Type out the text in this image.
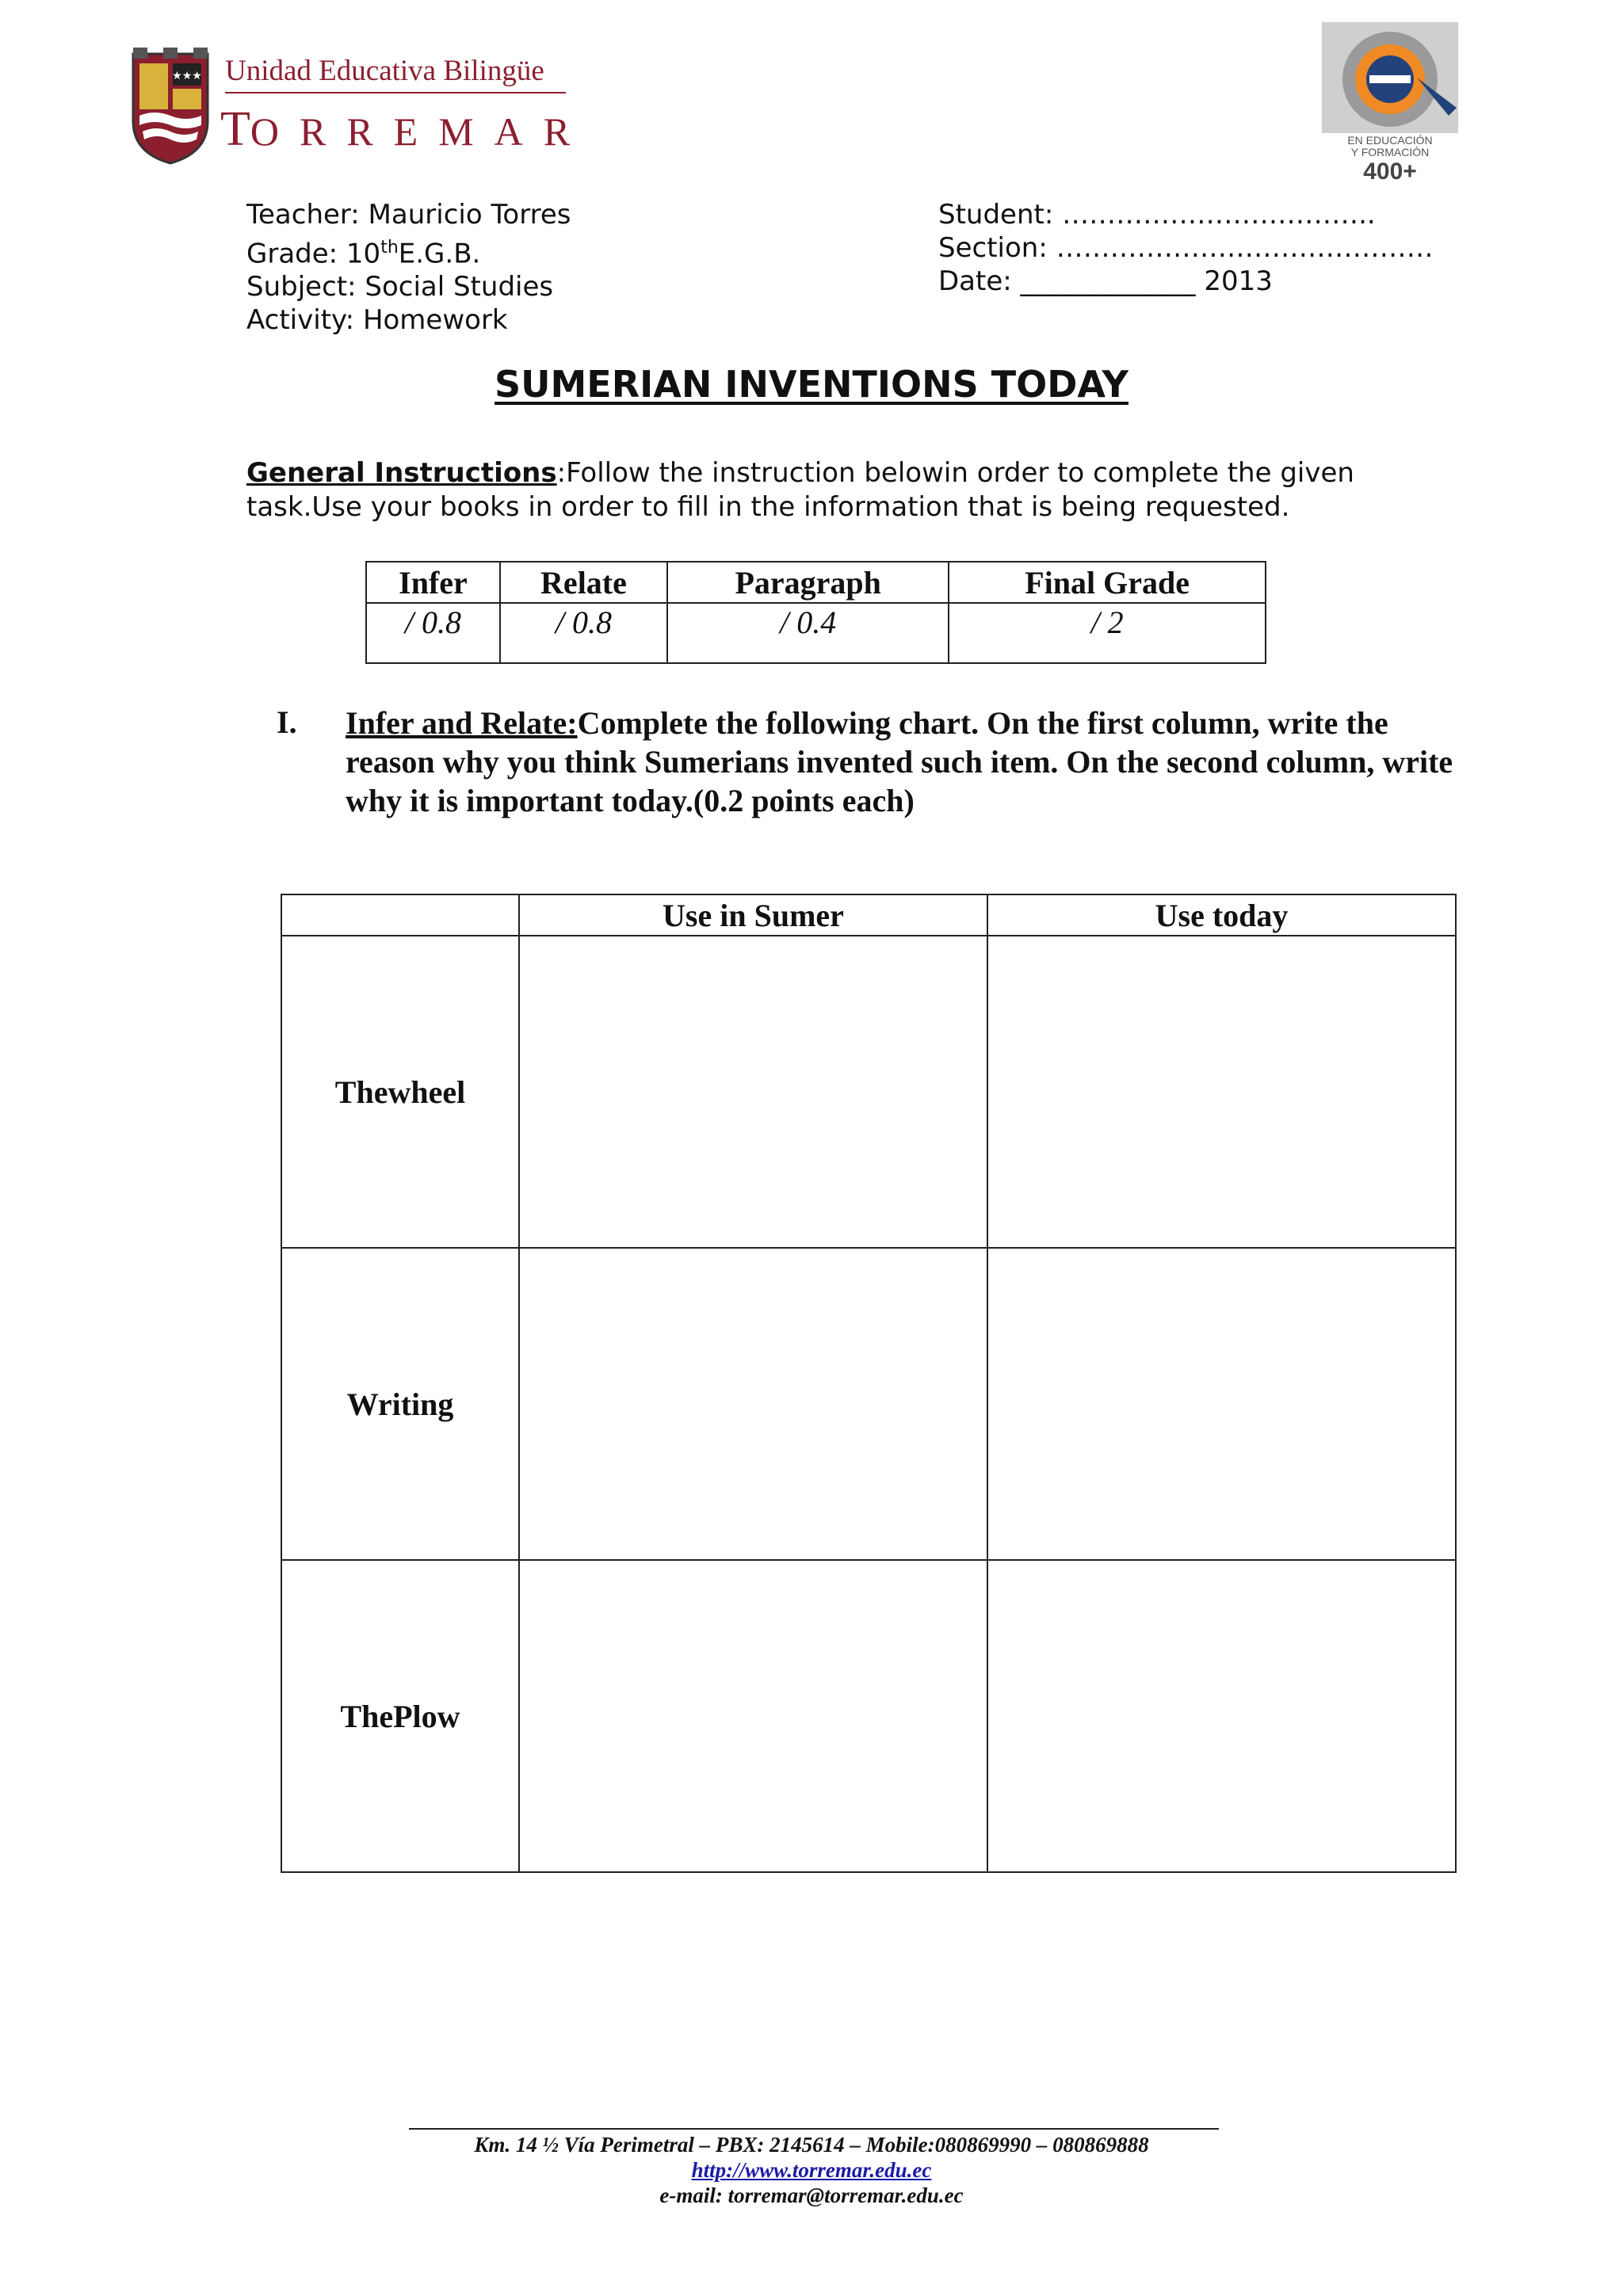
★★★ Unidad Educativa Bilingüe
TORREMAR	EN EDUCACIÓN
Y FORMACIÓN
400+
Teacher: Mauricio Torres
Grade: 10thE.G.B.
Subject: Social Studies
Activity: Homework
Student: ……………………………..
Section: ……………………………………
Date: _____________ 2013
SUMERIAN INVENTIONS TODAY
General Instructions:Follow the instruction belowin order to complete the given task.Use your books in order to fill in the information that is being requested.
Infer	Relate	Paragraph	Final Grade
/ 0.8	/ 0.8	/ 0.4	/ 2
I. Infer and Relate:Complete the following chart. On the first column, write the reason why you think Sumerians invented such item. On the second column, write why it is important today.(0.2 points each)
	Use in Sumer	Use today
Thewheel		
Writing		
ThePlow		
Km. 14 ½ Vía Perimetral – PBX: 2145614 – Mobile:080869990 – 080869888
http://www.torremar.edu.ec
e-mail: torremar@torremar.edu.ec
